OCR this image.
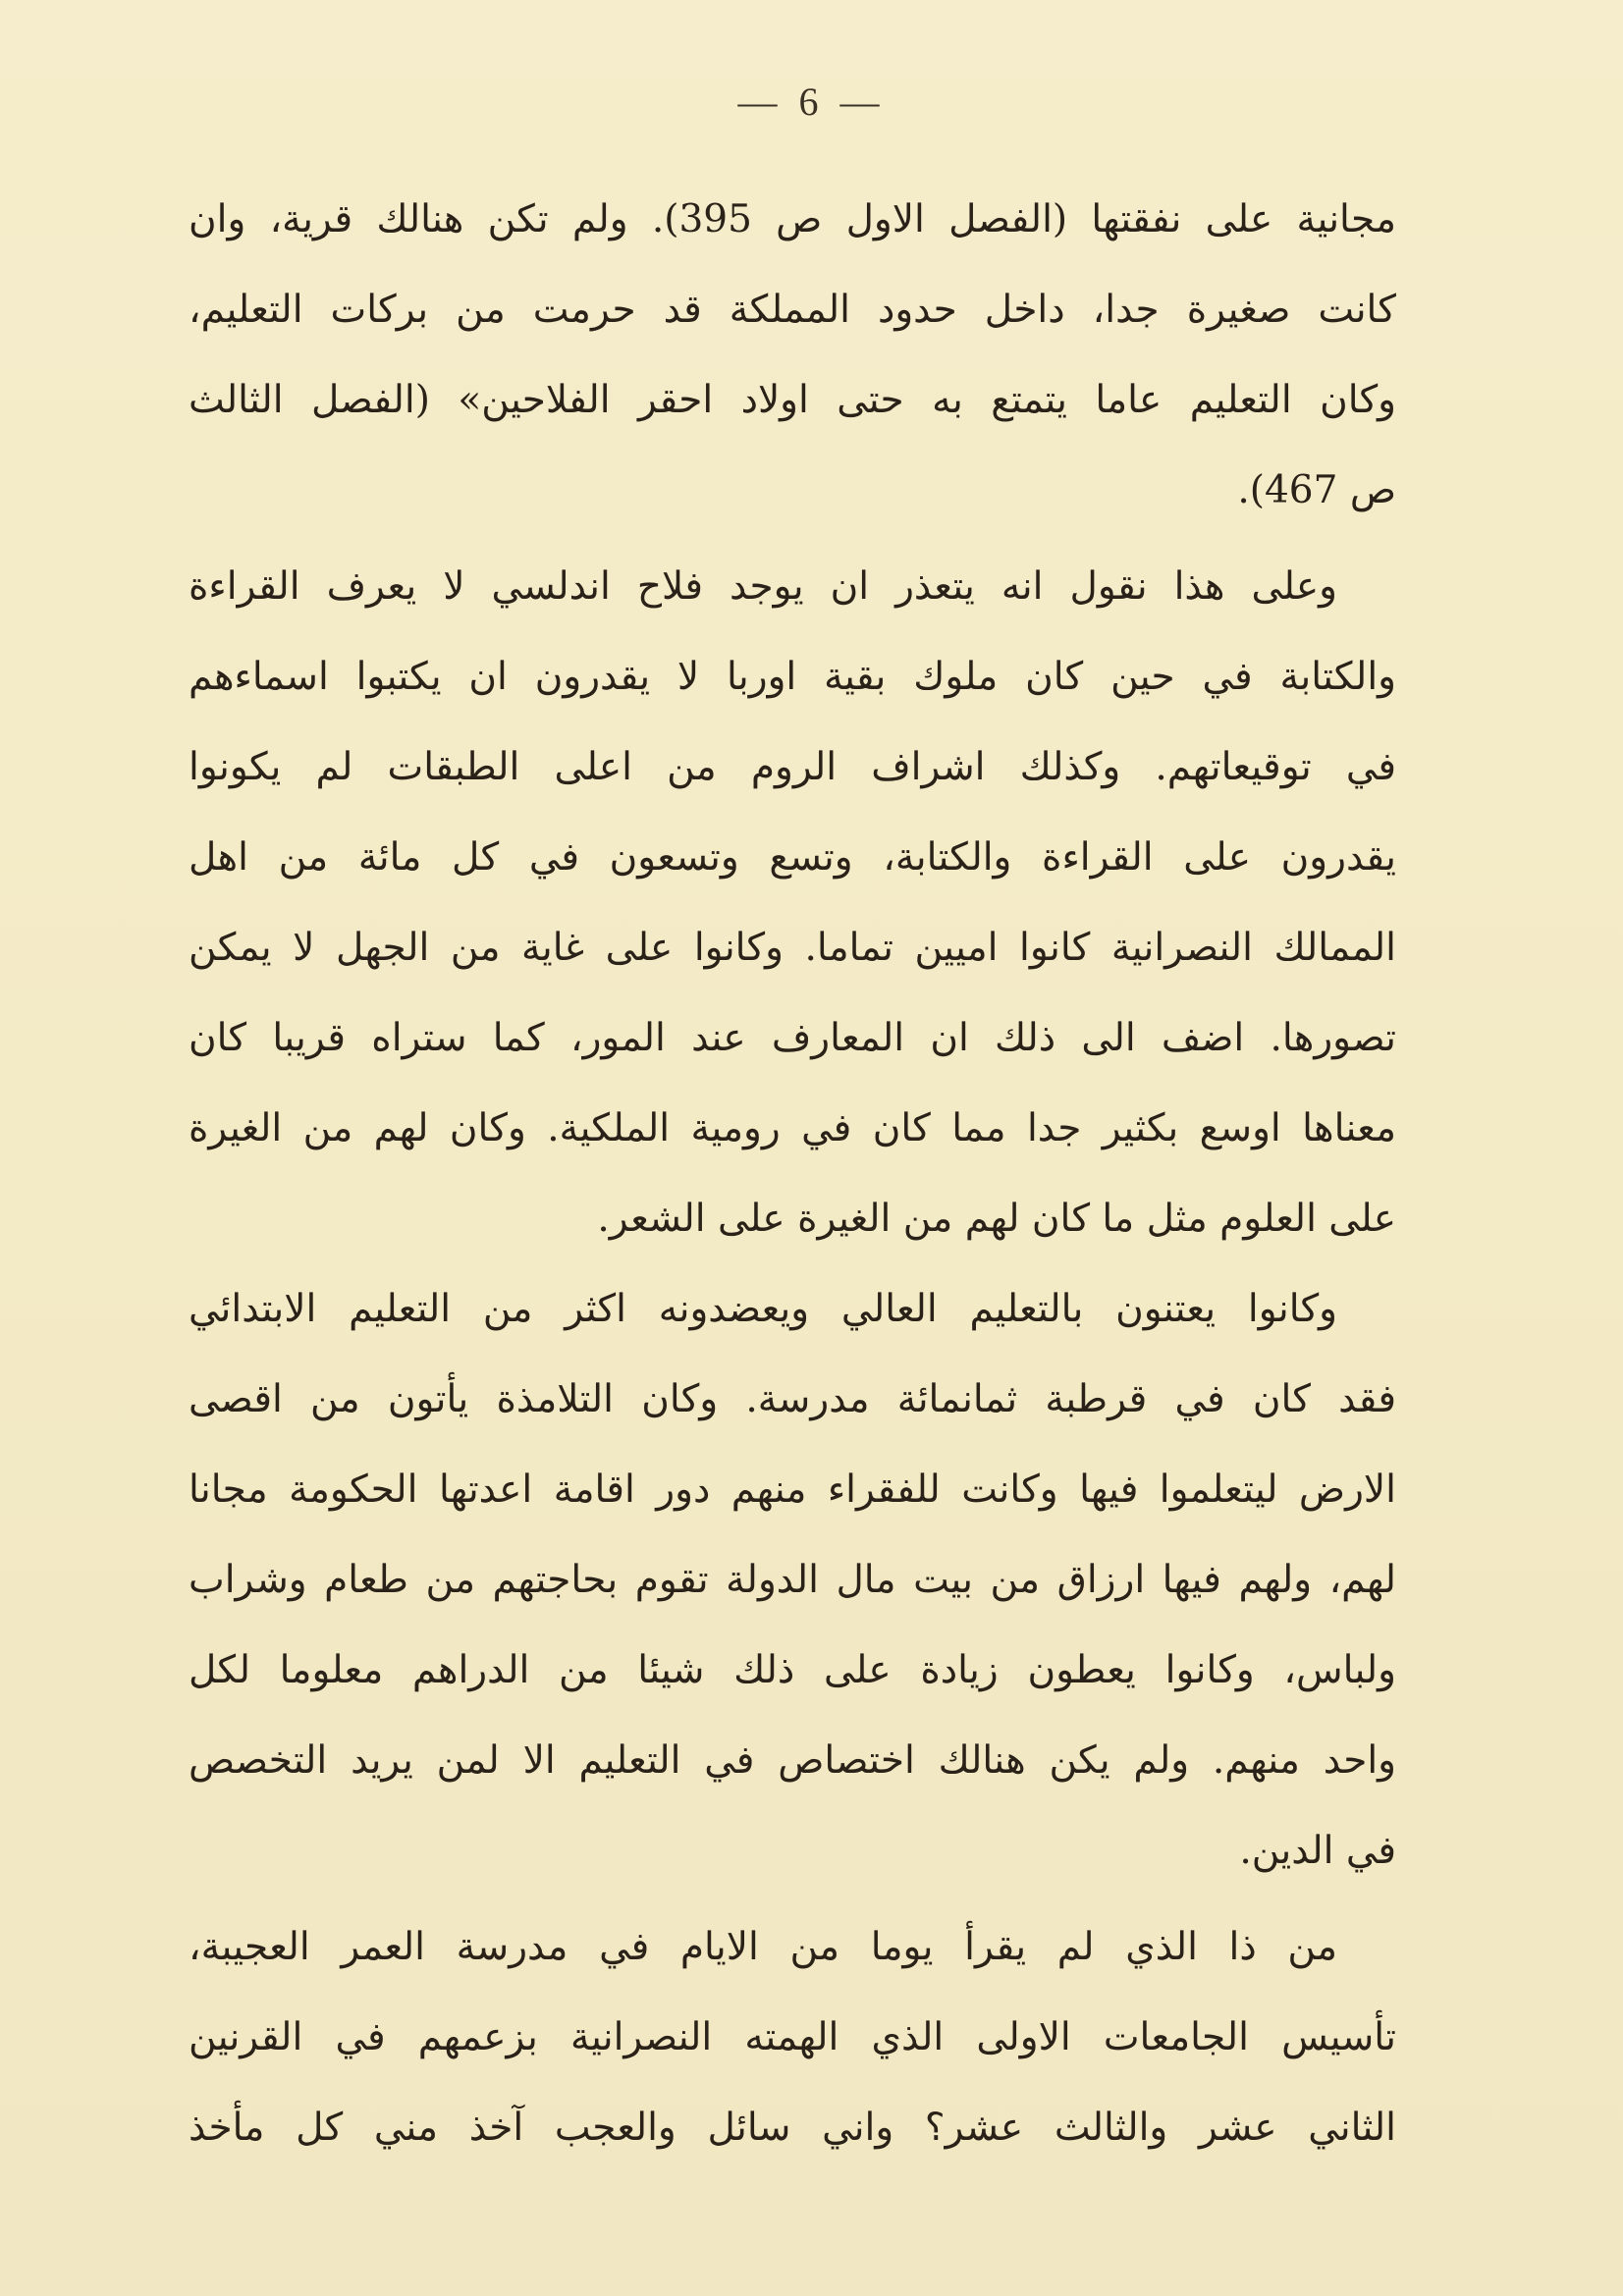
— 6 —
مجانية على نفقتها (الفصل الاول ص 395). ولم تكن هنالك قرية، وان
كانت صغيرة جدا، داخل حدود المملكة قد حرمت من بركات التعليم،
وكان التعليم عاما يتمتع به حتى اولاد احقر الفلاحين» (الفصل الثالث
ص 467).
وعلى هذا نقول انه يتعذر ان يوجد فلاح اندلسي لا يعرف القراءة
والكتابة في حين كان ملوك بقية اوربا لا يقدرون ان يكتبوا اسماءهم
في توقيعاتهم. وكذلك اشراف الروم من اعلى الطبقات لم يكونوا
يقدرون على القراءة والكتابة، وتسع وتسعون في كل مائة من اهل
الممالك النصرانية كانوا اميين تماما. وكانوا على غاية من الجهل لا يمكن
تصورها. اضف الى ذلك ان المعارف عند المور، كما ستراه قريبا كان
معناها اوسع بكثير جدا مما كان في رومية الملكية. وكان لهم من الغيرة
على العلوم مثل ما كان لهم من الغيرة على الشعر.
وكانوا يعتنون بالتعليم العالي ويعضدونه اكثر من التعليم الابتدائي
فقد كان في قرطبة ثمانمائة مدرسة. وكان التلامذة يأتون من اقصى
الارض ليتعلموا فيها وكانت للفقراء منهم دور اقامة اعدتها الحكومة مجانا
لهم، ولهم فيها ارزاق من بيت مال الدولة تقوم بحاجتهم من طعام وشراب
ولباس، وكانوا يعطون زيادة على ذلك شيئا من الدراهم معلوما لكل
واحد منهم. ولم يكن هنالك اختصاص في التعليم الا لمن يريد التخصص
في الدين.
من ذا الذي لم يقرأ يوما من الايام في مدرسة العمر العجيبة،
تأسيس الجامعات الاولى الذي الهمته النصرانية بزعمهم في القرنين
الثاني عشر والثالث عشر؟ واني سائل والعجب آخذ مني كل مأخذ
